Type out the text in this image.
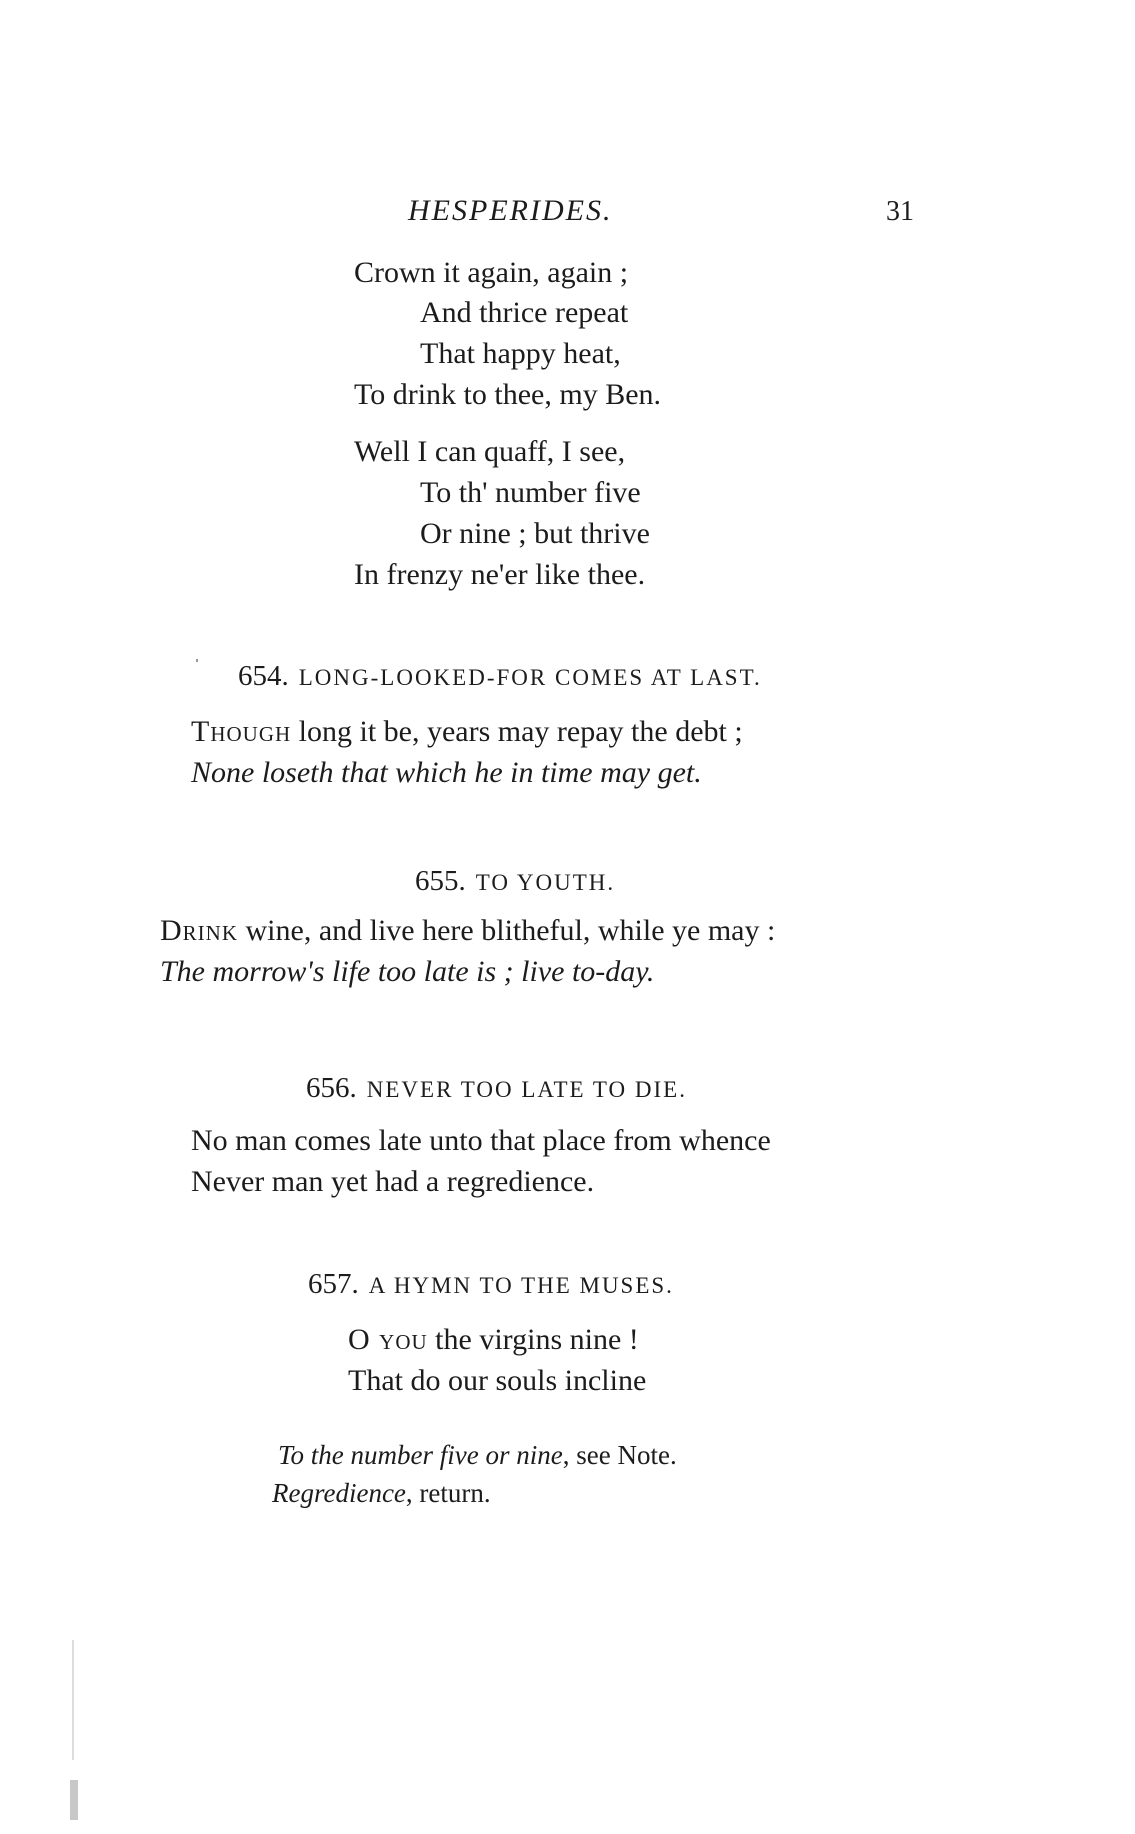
HESPERIDES.	31
Crown it again, again ;
And thrice repeat
That happy heat,
To drink to thee, my Ben.
Well I can quaff, I see,
To th' number five
Or nine ; but thrive
In frenzy ne'er like thee.
654. LONG-LOOKED-FOR COMES AT LAST.
Though long it be, years may repay the debt ;
None loseth that which he in time may get.
655. TO YOUTH.
Drink wine, and live here blitheful, while ye may :
The morrow's life too late is ; live to-day.
656. NEVER TOO LATE TO DIE.
No man comes late unto that place from whence
Never man yet had a regredience.
657. A HYMN TO THE MUSES.
O you the virgins nine !
That do our souls incline
To the number five or nine, see Note.
Regredience, return.
